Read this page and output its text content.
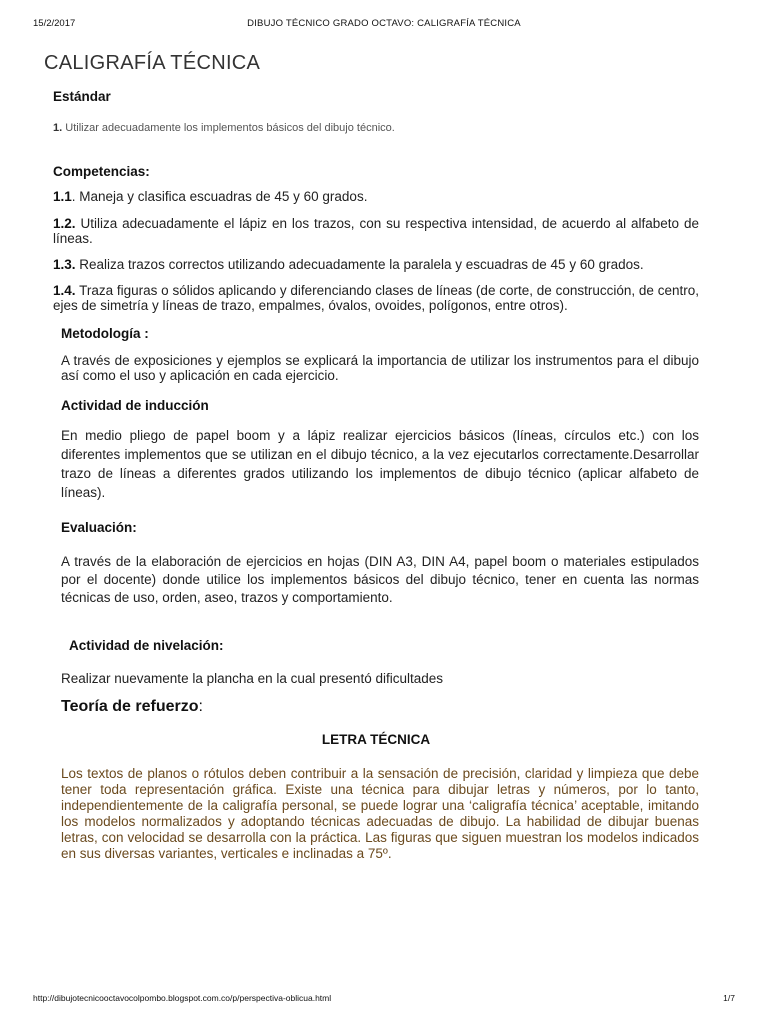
15/2/2017	DIBUJO TÉCNICO GRADO OCTAVO: CALIGRAFÍA TÉCNICA
CALIGRAFÍA TÉCNICA

Estándar

1. Utilizar adecuadamente los implementos básicos del dibujo técnico.

Competencias:

1.1. Maneja y clasifica escuadras de 45 y 60 grados.

1.2. Utiliza adecuadamente el lápiz en los trazos, con su respectiva intensidad, de acuerdo al alfabeto de líneas.

1.3. Realiza trazos correctos utilizando adecuadamente la paralela y escuadras de 45 y 60 grados.

1.4. Traza figuras o sólidos aplicando y diferenciando clases de líneas (de corte, de construcción, de centro, ejes de simetría y líneas de trazo, empalmes, óvalos, ovoides, polígonos, entre otros).

Metodología :

A través de exposiciones y ejemplos se explicará la importancia de utilizar los instrumentos para el dibujo así como el uso y aplicación en cada ejercicio.

Actividad de inducción

En medio pliego de papel boom y a lápiz realizar ejercicios básicos (líneas, círculos etc.) con los diferentes implementos que se utilizan en el dibujo técnico, a la vez ejecutarlos correctamente.Desarrollar trazo de líneas a diferentes grados utilizando los implementos de dibujo técnico (aplicar alfabeto de líneas).

Evaluación:

A través de la elaboración de ejercicios en hojas (DIN A3, DIN A4, papel boom o materiales estipulados por el docente) donde utilice los implementos básicos del dibujo técnico, tener en cuenta las normas técnicas de uso, orden, aseo, trazos y comportamiento.

Actividad de nivelación:

Realizar nuevamente la plancha en la cual presentó dificultades

Teoría de refuerzo:

LETRA TÉCNICA

Los textos de planos o rótulos deben contribuir a la sensación de precisión, claridad y limpieza que debe tener toda representación gráfica. Existe una técnica para dibujar letras y números, por lo tanto, independientemente de la caligrafía personal, se puede lograr una ‘caligrafía técnica’ aceptable, imitando los modelos normalizados y adoptando técnicas adecuadas de dibujo. La habilidad de dibujar buenas letras, con velocidad se desarrolla con la práctica. Las figuras que siguen muestran los modelos indicados en sus diversas variantes, verticales e inclinadas a 75º.

http://dibujotecnicooctavocolpombo.blogspot.com.co/p/perspectiva-oblicua.html	1/7
